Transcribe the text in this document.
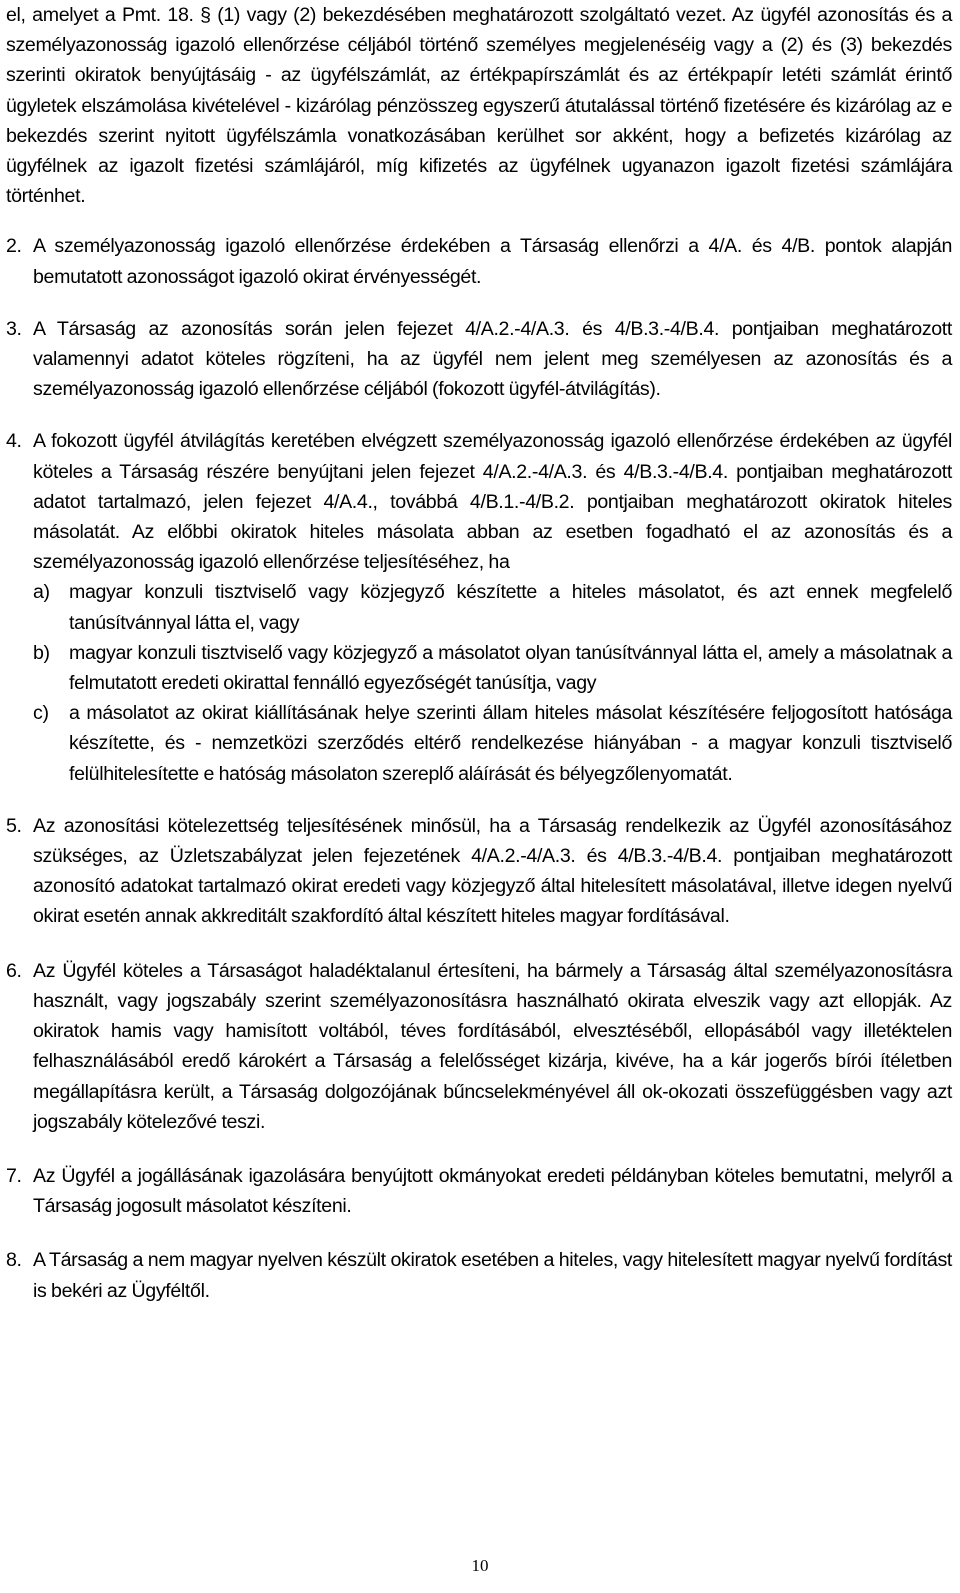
el, amelyet a Pmt. 18. § (1) vagy (2) bekezdésében meghatározott szolgáltató vezet. Az ügyfél azonosítás és a személyazonosság igazoló ellenőrzése céljából történő személyes megjelenéséig vagy a (2) és (3) bekezdés szerinti okiratok benyújtásáig - az ügyfélszámlát, az értékpapírszámlát és az értékpapír letéti számlát érintő ügyletek elszámolása kivételével - kizárólag pénzösszeg egyszerű átutalással történő fizetésére és kizárólag az e bekezdés szerint nyitott ügyfélszámla vonatkozásában kerülhet sor akként, hogy a befizetés kizárólag az ügyfélnek az igazolt fizetési számlájáról, míg kifizetés az ügyfélnek ugyanazon igazolt fizetési számlájára történhet.

2. A személyazonosság igazoló ellenőrzése érdekében a Társaság ellenőrzi a 4/A. és 4/B. pontok alapján bemutatott azonosságot igazoló okirat érvényességét.
3. A Társaság az azonosítás során jelen fejezet 4/A.2.-4/A.3. és 4/B.3.-4/B.4. pontjaiban meghatározott valamennyi adatot köteles rögzíteni, ha az ügyfél nem jelent meg személyesen az azonosítás és a személyazonosság igazoló ellenőrzése céljából (fokozott ügyfél-átvilágítás).
4. A fokozott ügyfél átvilágítás keretében elvégzett személyazonosság igazoló ellenőrzése érdekében az ügyfél köteles a Társaság részére benyújtani jelen fejezet 4/A.2.-4/A.3. és 4/B.3.-4/B.4. pontjaiban meghatározott adatot tartalmazó, jelen fejezet 4/A.4., továbbá 4/B.1.-4/B.2. pontjaiban meghatározott okiratok hiteles másolatát. Az előbbi okiratok hiteles másolata abban az esetben fogadható el az azonosítás és a személyazonosság igazoló ellenőrzése teljesítéséhez, ha
a) magyar konzuli tisztviselő vagy közjegyző készítette a hiteles másolatot, és azt ennek megfelelő tanúsítvánnyal látta el, vagy
b) magyar konzuli tisztviselő vagy közjegyző a másolatot olyan tanúsítvánnyal látta el, amely a másolatnak a felmutatott eredeti okirattal fennálló egyezőségét tanúsítja, vagy
c) a másolatot az okirat kiállításának helye szerinti állam hiteles másolat készítésére feljogosított hatósága készítette, és - nemzetközi szerződés eltérő rendelkezése hiányában - a magyar konzuli tisztviselő felülhitelesítette e hatóság másolaton szereplő aláírását és bélyegzőlenyomatát.
5. Az azonosítási kötelezettség teljesítésének minősül, ha a Társaság rendelkezik az Ügyfél azonosításához szükséges, az Üzletszabályzat jelen fejezetének 4/A.2.-4/A.3. és 4/B.3.-4/B.4. pontjaiban meghatározott azonosító adatokat tartalmazó okirat eredeti vagy közjegyző által hitelesített másolatával, illetve idegen nyelvű okirat esetén annak akkreditált szakfordító által készített hiteles magyar fordításával.
6. Az Ügyfél köteles a Társaságot haladéktalanul értesíteni, ha bármely a Társaság által személyazonosításra használt, vagy jogszabály szerint személyazonosításra használható okirata elveszik vagy azt ellopják. Az okiratok hamis vagy hamisított voltából, téves fordításából, elvesztéséből, ellopásából vagy illetéktelen felhasználásából eredő károkért a Társaság a felelősséget kizárja, kivéve, ha a kár jogerős bírói ítéletben megállapításra került, a Társaság dolgozójának bűncselekményével áll ok-okozati összefüggésben vagy azt jogszabály kötelezővé teszi.
7. Az Ügyfél a jogállásának igazolására benyújtott okmányokat eredeti példányban köteles bemutatni, melyről a Társaság jogosult másolatot készíteni.
8. A Társaság a nem magyar nyelven készült okiratok esetében a hiteles, vagy hitelesített magyar nyelvű fordítást is bekéri az Ügyféltől.
10
